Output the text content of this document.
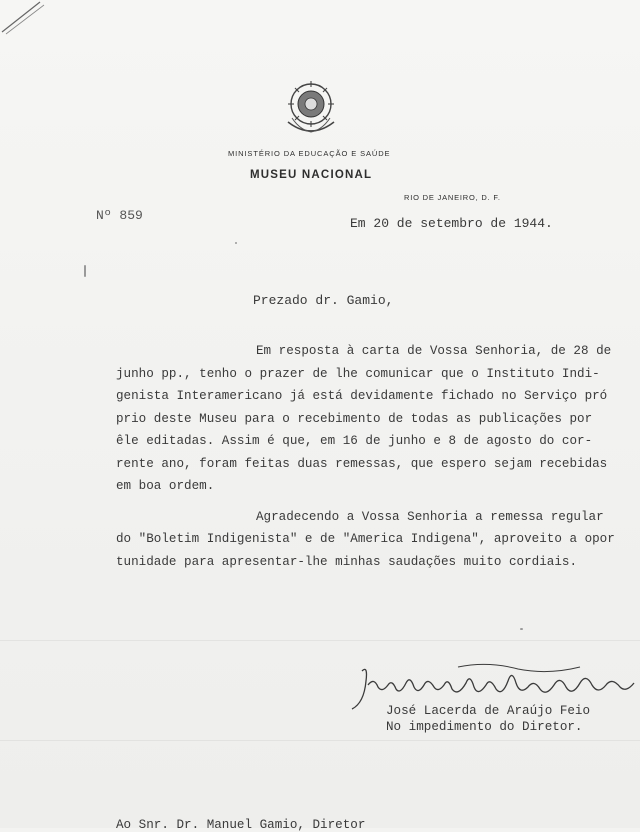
MINISTÉRIO DA EDUCAÇÃO E SAÚDE
MUSEU NACIONAL
RIO DE JANEIRO, D. F.
Nº 859
Em 20 de setembro de 1944.
Prezado dr. Gamio,
Em resposta à carta de Vossa Senhoria, de 28 de
junho pp., tenho o prazer de lhe comunicar que o Instituto Indi-
genista Interamericano já está devidamente fichado no Serviço pró
prio deste Museu para o recebimento de todas as publicações por
êle editadas. Assim é que, em 16 de junho e 8 de agosto do cor-
rente ano, foram feitas duas remessas, que espero sejam recebidas
em boa ordem.
Agradecendo a Vossa Senhoria a remessa regular
do "Boletim Indigenista" e de "America Indigena", aproveito a opor
tunidade para apresentar-lhe minhas saudações muito cordiais.
José Lacerda de Araújo Feio
No impedimento do Diretor.
Ao Snr. Dr. Manuel Gamio, Diretor
